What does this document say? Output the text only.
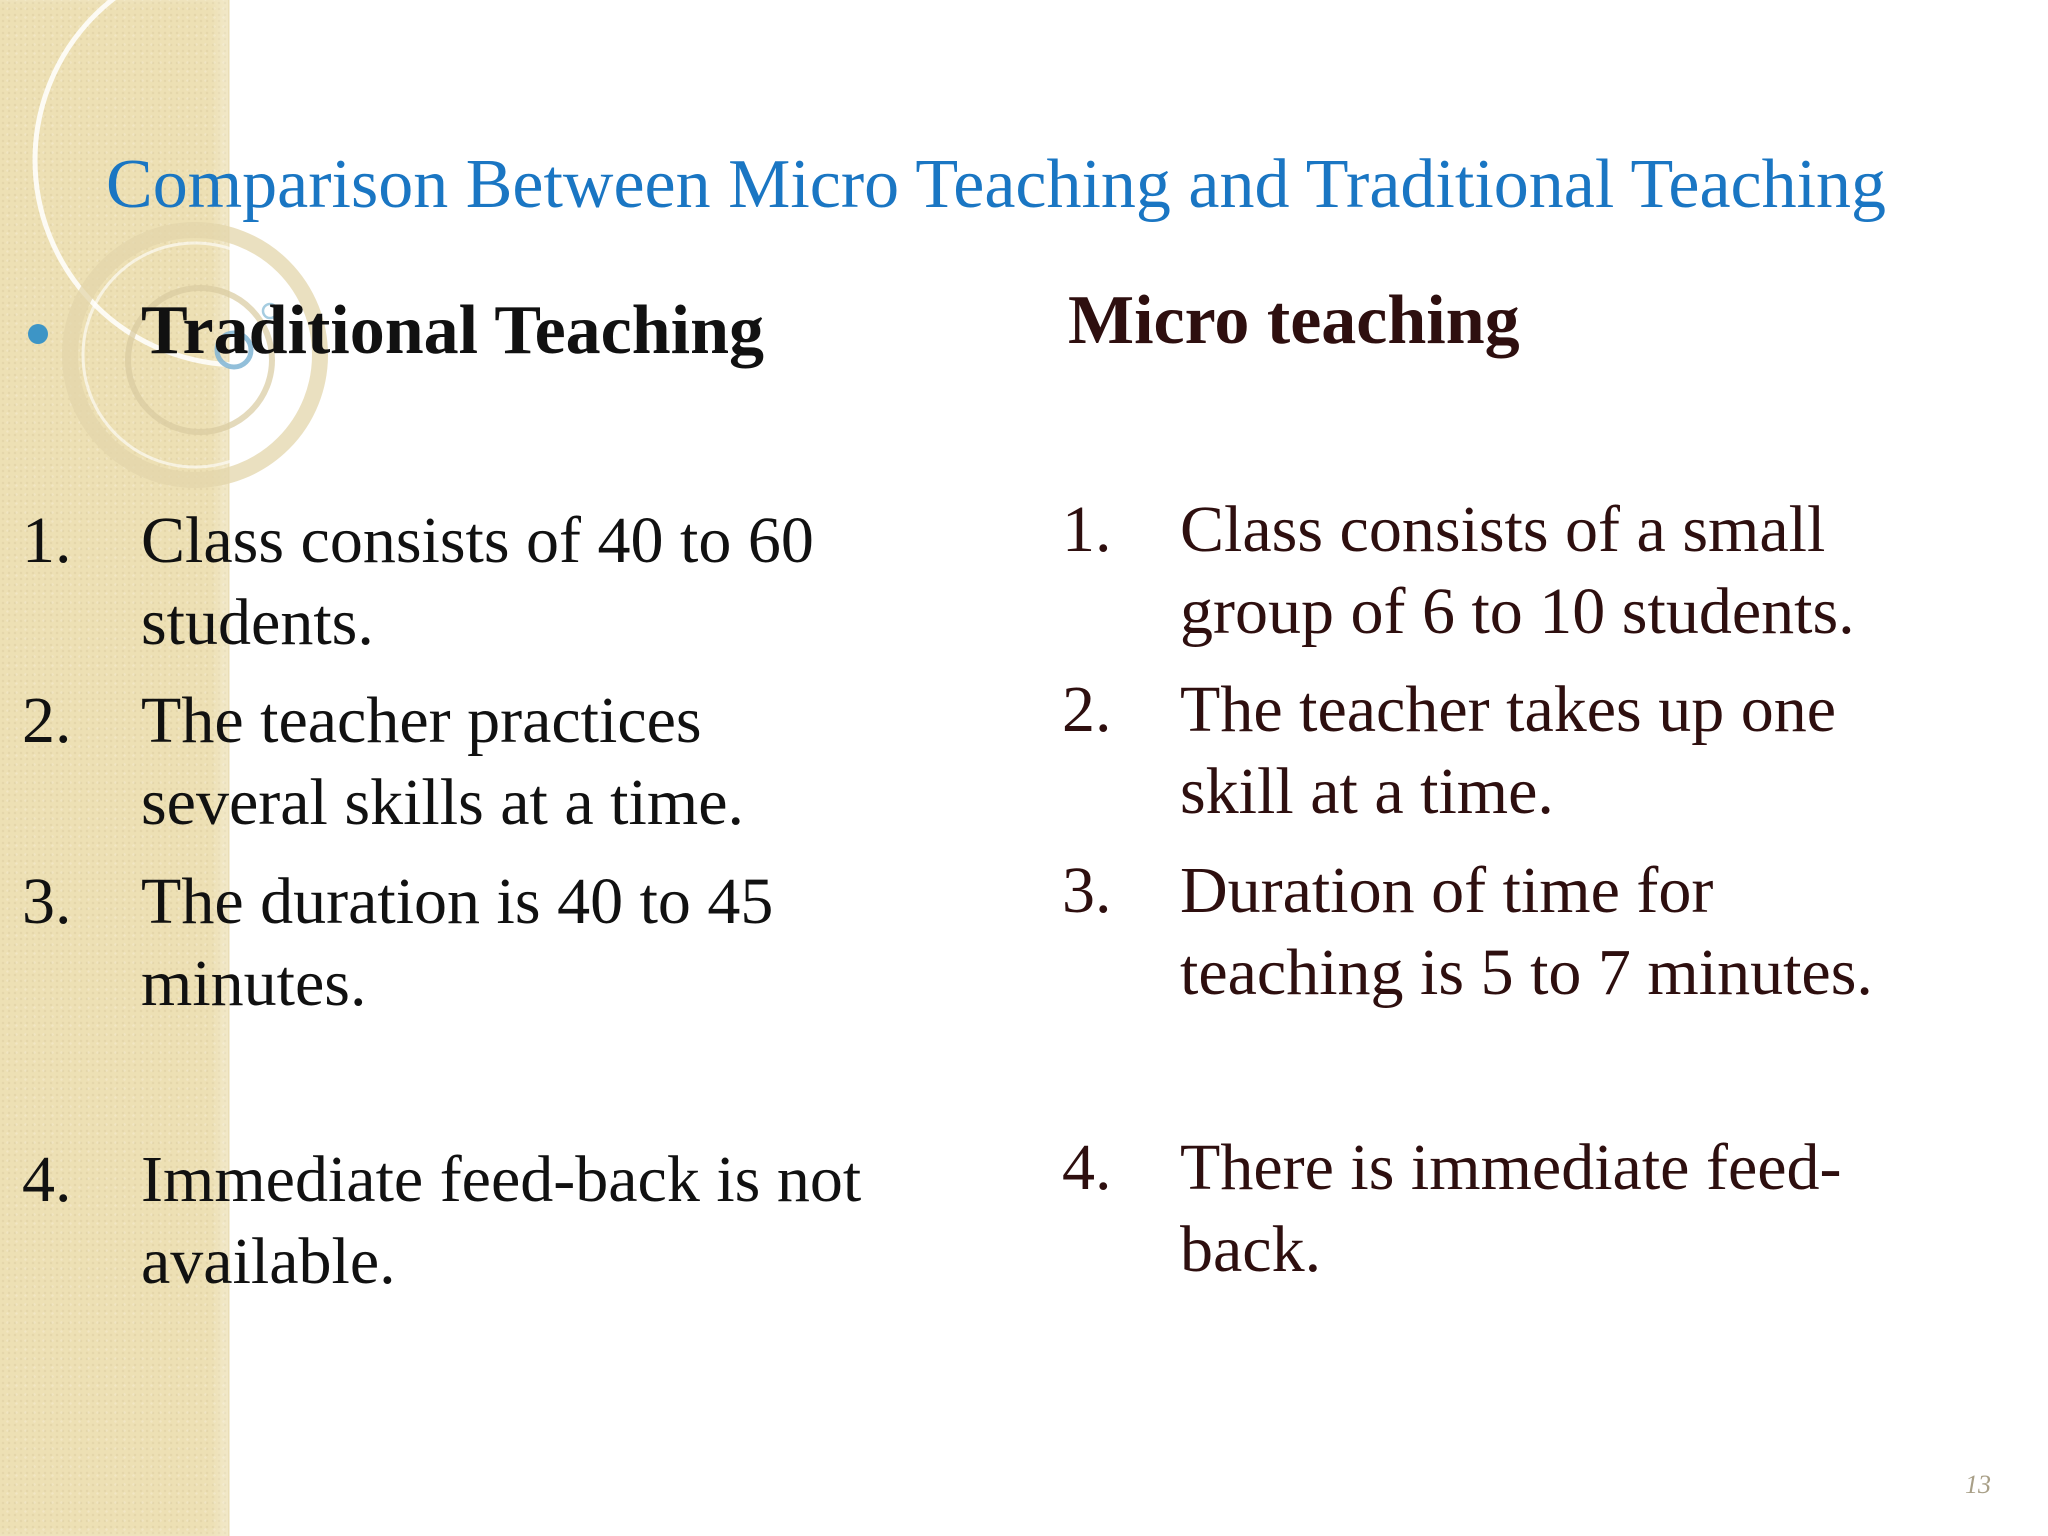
Comparison Between Micro Teaching and Traditional Teaching
Traditional Teaching	Micro teaching
1. Class consists of 40 to 60
students.
2. The teacher practices
several skills at a time.
3. The duration is 40 to 45
minutes.
4. Immediate feed-back is not
available.
1. Class consists of a small
group of 6 to 10 students.
2. The teacher takes up one
skill at a time.
3. Duration of time for
teaching is 5 to 7 minutes.
4. There is immediate feed-
back.
13
